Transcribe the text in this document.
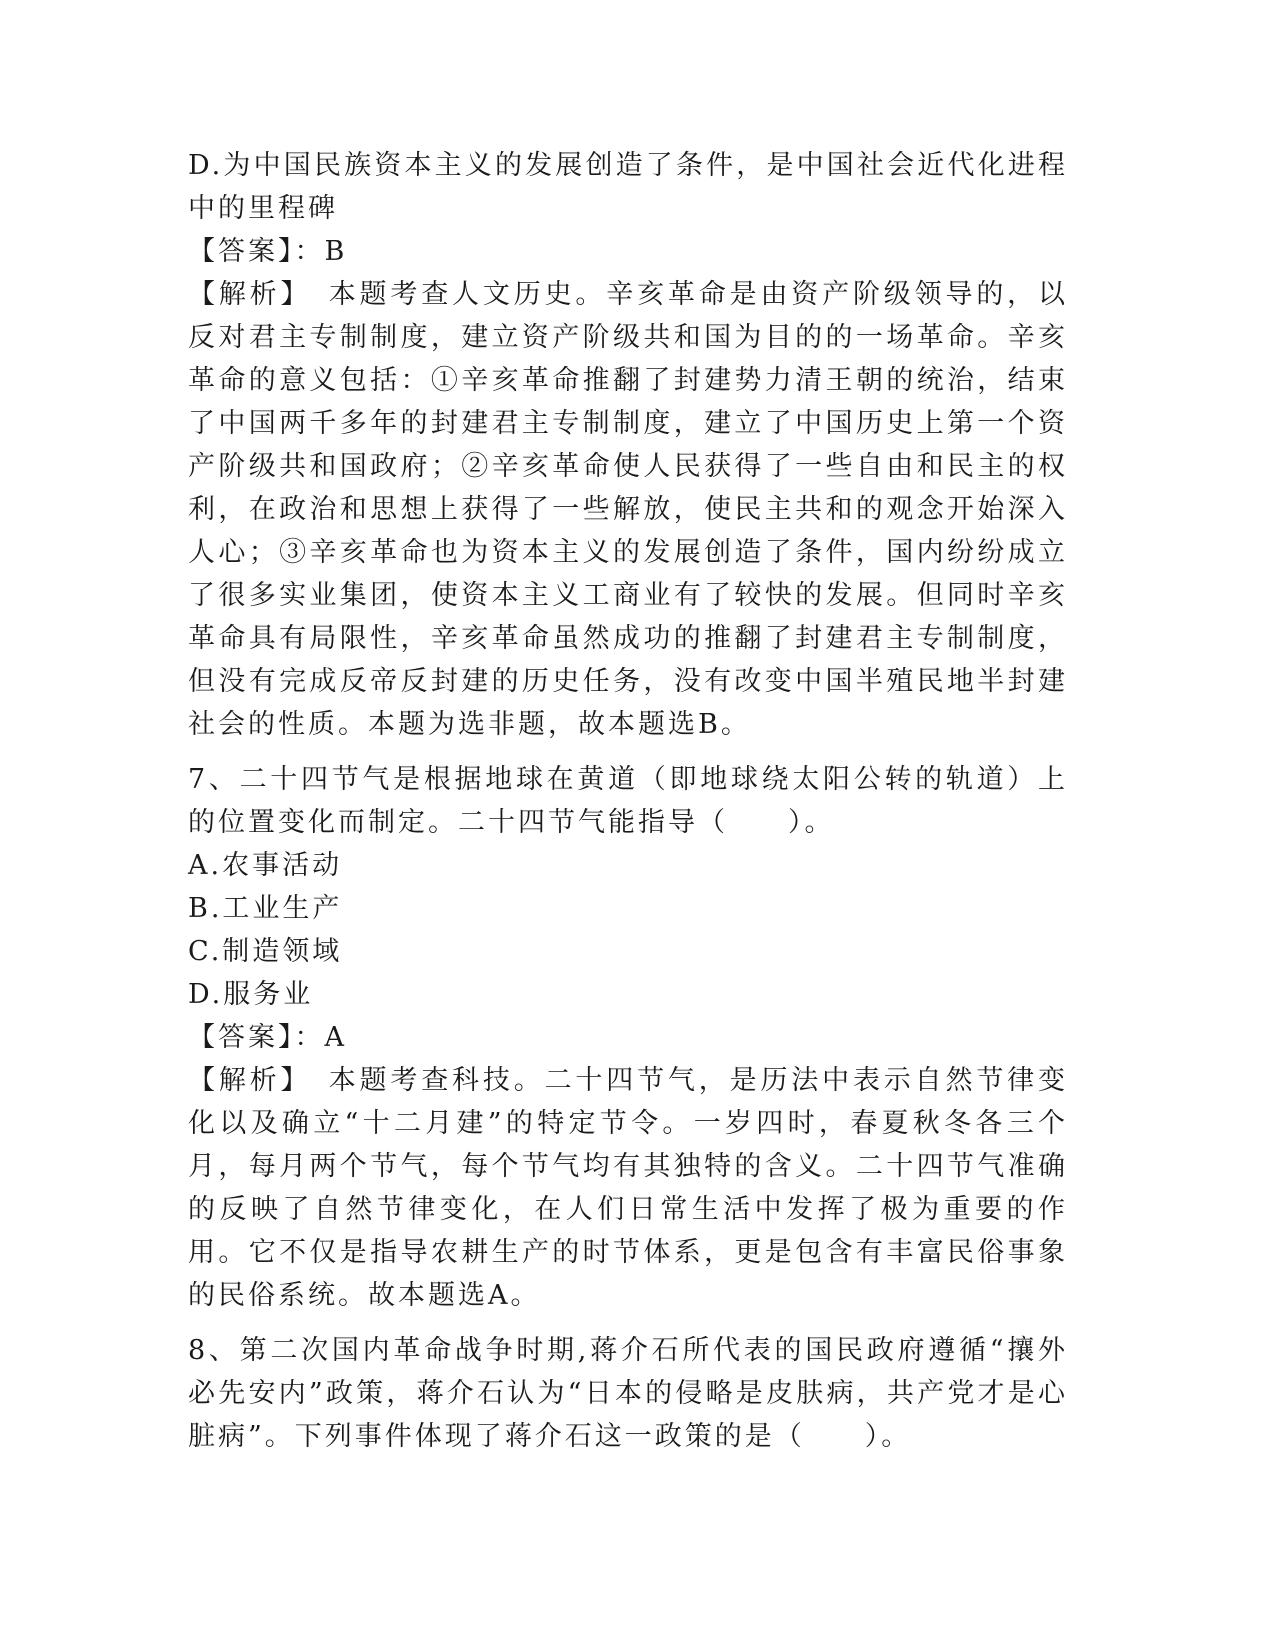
D.为中国民族资本主义的发展创造了条件，是中国社会近代化进程中的里程碑

【答案】：B

【解析】　本题考查人文历史。辛亥革命是由资产阶级领导的，以反对君主专制制度，建立资产阶级共和国为目的的一场革命。辛亥革命的意义包括：①辛亥革命推翻了封建势力清王朝的统治，结束了中国两千多年的封建君主专制制度，建立了中国历史上第一个资产阶级共和国政府；②辛亥革命使人民获得了一些自由和民主的权利，在政治和思想上获得了一些解放，使民主共和的观念开始深入人心；③辛亥革命也为资本主义的发展创造了条件，国内纷纷成立了很多实业集团，使资本主义工商业有了较快的发展。但同时辛亥革命具有局限性，辛亥革命虽然成功的推翻了封建君主专制制度，但没有完成反帝反封建的历史任务，没有改变中国半殖民地半封建社会的性质。本题为选非题，故本题选B。

7、二十四节气是根据地球在黄道（即地球绕太阳公转的轨道）上的位置变化而制定。二十四节气能指导（　　）。

A.农事活动

B.工业生产

C.制造领域

D.服务业

【答案】：A

【解析】　本题考查科技。二十四节气，是历法中表示自然节律变化以及确立“十二月建”的特定节令。一岁四时，春夏秋冬各三个月，每月两个节气，每个节气均有其独特的含义。二十四节气准确的反映了自然节律变化，在人们日常生活中发挥了极为重要的作用。它不仅是指导农耕生产的时节体系，更是包含有丰富民俗事象的民俗系统。故本题选A。

8、第二次国内革命战争时期,蒋介石所代表的国民政府遵循“攘外必先安内”政策，蒋介石认为“日本的侵略是皮肤病，共产党才是心脏病”。下列事件体现了蒋介石这一政策的是（　　）。
